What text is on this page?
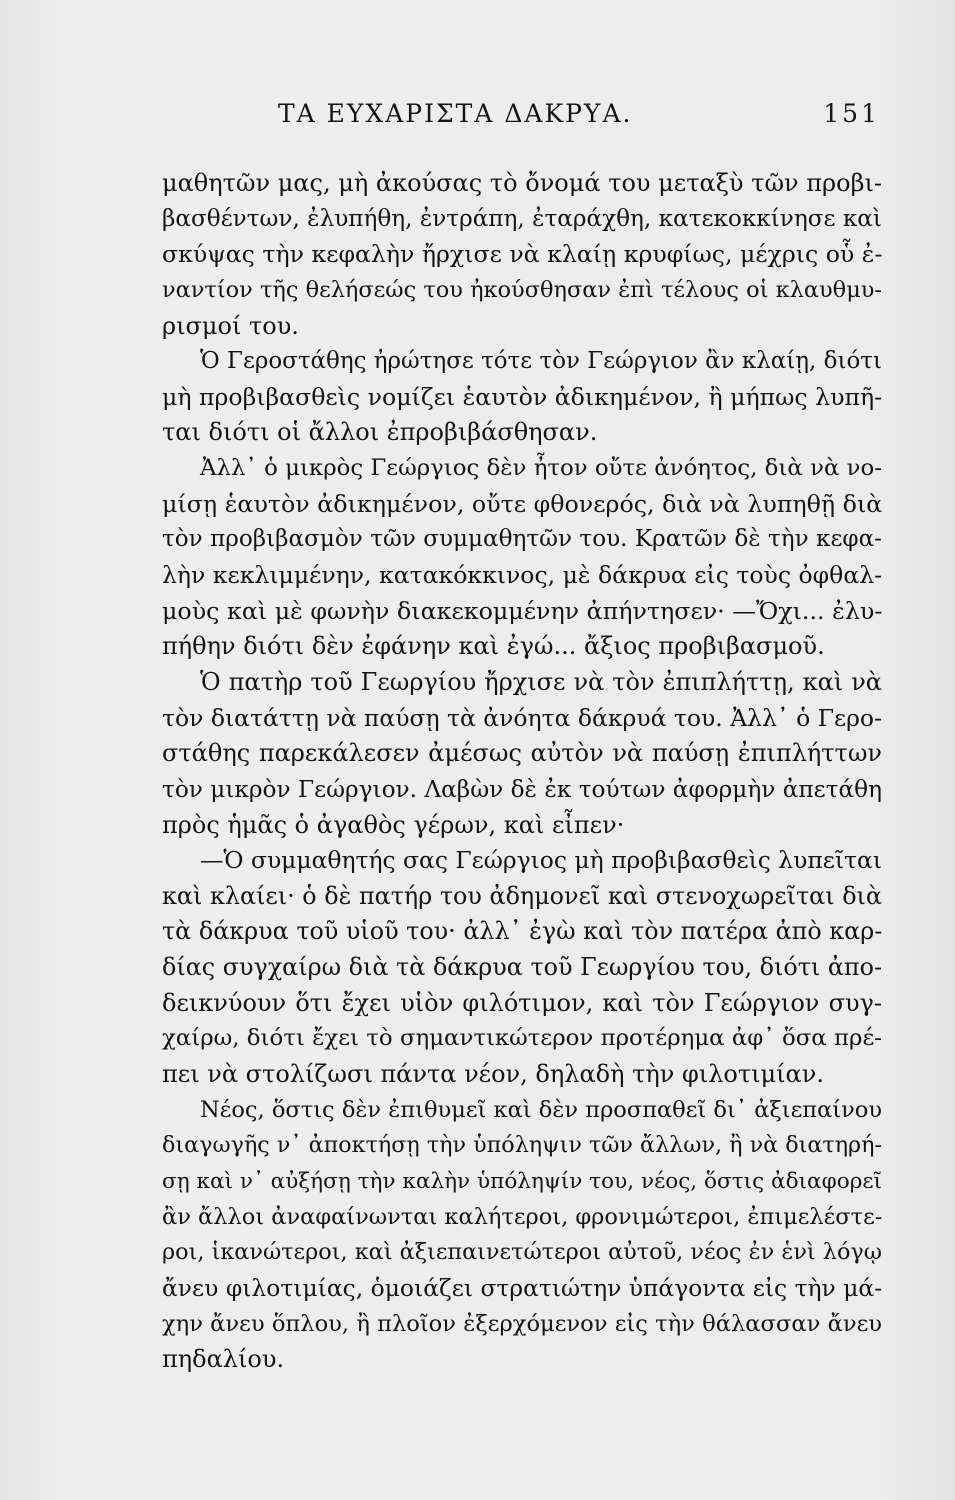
ΤΑ ΕΥΧΑΡΙΣΤΑ ΔΑΚΡΥΑ.	151
μαθητῶν μας, μὴ ἀκούσας τὸ ὄνομά του μεταξὺ τῶν προβι-
βασθέντων, ἐλυπήθη, ἐντράπη, ἐταράχθη, κατεκοκκίνησε καὶ
σκύψας τὴν κεφαλὴν ἤρχισε νὰ κλαίῃ κρυφίως, μέχρις οὗ ἐ-
ναντίον τῆς θελήσεώς του ἠκούσθησαν ἐπὶ τέλους οἱ κλαυθμυ-
ρισμοί του.
Ὁ Γεροστάθης ἠρώτησε τότε τὸν Γεώργιον ἂν κλαίῃ, διότι
μὴ προβιβασθεὶς νομίζει ἑαυτὸν ἀδικημένον, ἢ μήπως λυπῆ-
ται διότι οἱ ἄλλοι ἐπροβιβάσθησαν.
Ἀλλ᾽ ὁ μικρὸς Γεώργιος δὲν ἦτον οὔτε ἀνόητος, διὰ νὰ νο-
μίσῃ ἑαυτὸν ἀδικημένον, οὔτε φθονερός, διὰ νὰ λυπηθῇ διὰ
τὸν προβιβασμὸν τῶν συμμαθητῶν του. Κρατῶν δὲ τὴν κεφα-
λὴν κεκλιμμένην, κατακόκκινος, μὲ δάκρυα εἰς τοὺς ὀφθαλ-
μοὺς καὶ μὲ φωνὴν διακεκομμένην ἀπήντησεν· —Ὄχι... ἐλυ-
πήθην διότι δὲν ἐφάνην καὶ ἐγώ... ἄξιος προβιβασμοῦ.
Ὁ πατὴρ τοῦ Γεωργίου ἤρχισε νὰ τὸν ἐπιπλήττῃ, καὶ νὰ
τὸν διατάττῃ νὰ παύσῃ τὰ ἀνόητα δάκρυά του. Ἀλλ᾽ ὁ Γερο-
στάθης παρεκάλεσεν ἀμέσως αὐτὸν νὰ παύσῃ ἐπιπλήττων
τὸν μικρὸν Γεώργιον. Λαβὼν δὲ ἐκ τούτων ἀφορμὴν ἀπετάθη
πρὸς ἡμᾶς ὁ ἀγαθὸς γέρων, καὶ εἶπεν·
—Ὁ συμμαθητής σας Γεώργιος μὴ προβιβασθεὶς λυπεῖται
καὶ κλαίει· ὁ δὲ πατήρ του ἀδημονεῖ καὶ στενοχωρεῖται διὰ
τὰ δάκρυα τοῦ υἱοῦ του· ἀλλ᾽ ἐγὼ καὶ τὸν πατέρα ἀπὸ καρ-
δίας συγχαίρω διὰ τὰ δάκρυα τοῦ Γεωργίου του, διότι ἀπο-
δεικνύουν ὅτι ἔχει υἱὸν φιλότιμον, καὶ τὸν Γεώργιον συγ-
χαίρω, διότι ἔχει τὸ σημαντικώτερον προτέρημα ἀφ᾽ ὅσα πρέ-
πει νὰ στολίζωσι πάντα νέον, δηλαδὴ τὴν φιλοτιμίαν.
Νέος, ὅστις δὲν ἐπιθυμεῖ καὶ δὲν προσπαθεῖ δι᾽ ἀξιεπαίνου
διαγωγῆς ν᾽ ἀποκτήσῃ τὴν ὑπόληψιν τῶν ἄλλων, ἢ νὰ διατηρή-
σῃ καὶ ν᾽ αὐξήσῃ τὴν καλὴν ὑπόληψίν του, νέος, ὅστις ἀδιαφορεῖ
ἂν ἄλλοι ἀναφαίνωνται καλήτεροι, φρονιμώτεροι, ἐπιμελέστε-
ροι, ἱκανώτεροι, καὶ ἀξιεπαινετώτεροι αὐτοῦ, νέος ἐν ἑνὶ λόγῳ
ἄνευ φιλοτιμίας, ὁμοιάζει στρατιώτην ὑπάγοντα εἰς τὴν μά-
χην ἄνευ ὅπλου, ἢ πλοῖον ἐξερχόμενον εἰς τὴν θάλασσαν ἄνευ
πηδαλίου.
